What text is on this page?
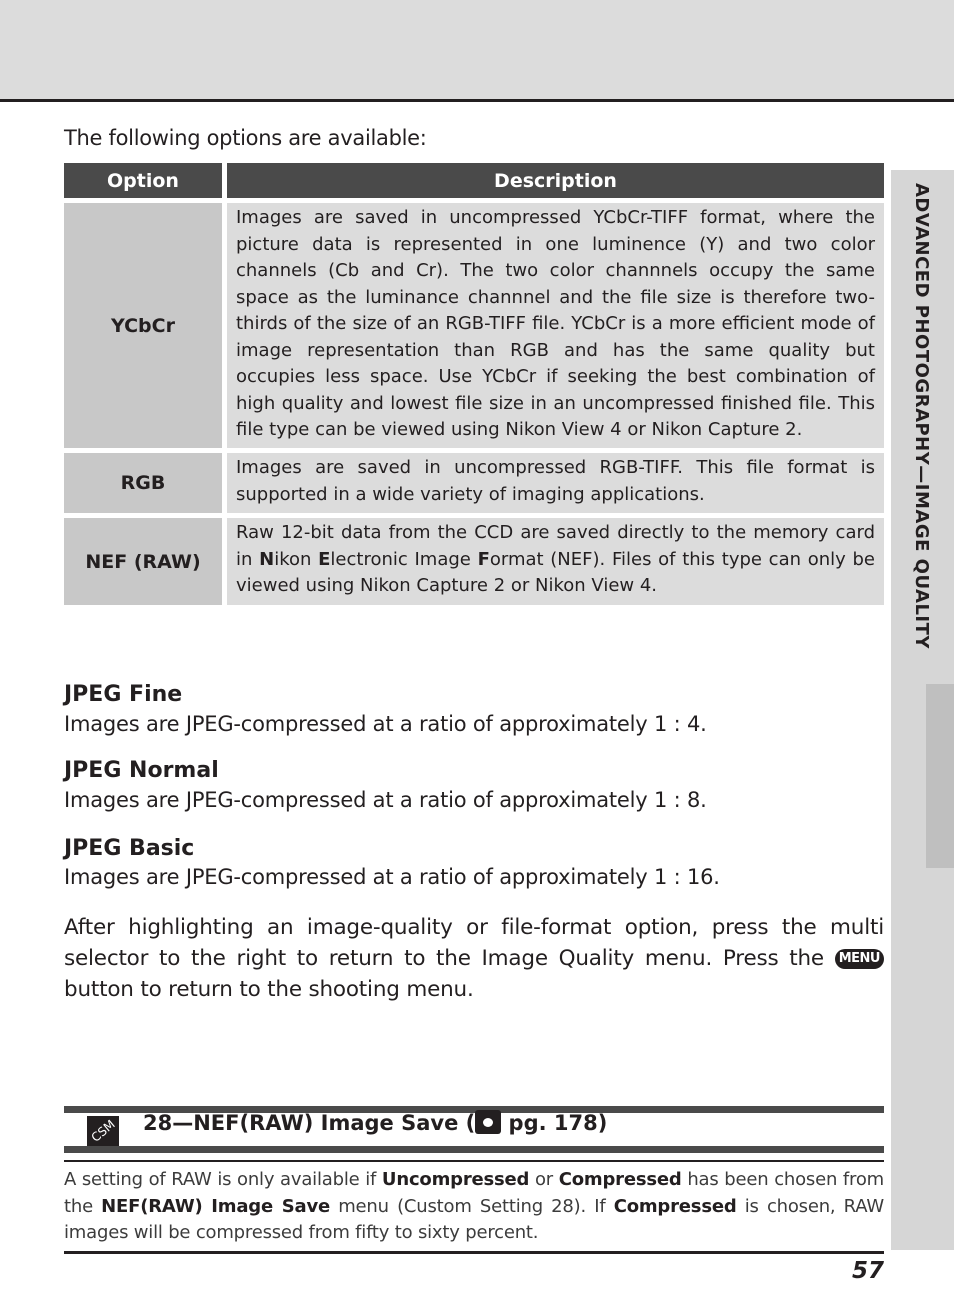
ADVANCED PHOTOGRAPHY—IMAGE QUALITY
The following options are available:
Option	Description
YCbCr
Images are saved in uncompressed YCbCr-TIFF format, where the picture data is represented in one luminence (Y) and two color channels (Cb and Cr). The two color channnels occupy the same space as the luminance channnel and the file size is therefore two-thirds of the size of an RGB-TIFF file. YCbCr is a more efficient mode of image representation than RGB and has the same quality but occupies less space. Use YCbCr if seeking the best combination of high quality and lowest file size in an uncompressed finished file. This file type can be viewed using Nikon View 4 or Nikon Capture 2.
RGB
Images are saved in uncompressed RGB-TIFF. This file format is supported in a wide variety of imaging applications.
NEF (RAW)
Raw 12-bit data from the CCD are saved directly to the memory card in Nikon Electronic Image Format (NEF). Files of this type can only be viewed using Nikon Capture 2 or Nikon View 4.
JPEG Fine
Images are JPEG-compressed at a ratio of approximately 1 : 4.
JPEG Normal
Images are JPEG-compressed at a ratio of approximately 1 : 8.
JPEG Basic
Images are JPEG-compressed at a ratio of approximately 1 : 16.
After highlighting an image-quality or file-format option, press the multi selector to the right to return to the Image Quality menu. Press the MENU button to return to the shooting menu.
CSM 28—NEF(RAW) Image Save ( pg. 178)
A setting of RAW is only available if Uncompressed or Compressed has been chosen from the NEF(RAW) Image Save menu (Custom Setting 28). If Compressed is chosen, RAW images will be compressed from fifty to sixty percent.
57
